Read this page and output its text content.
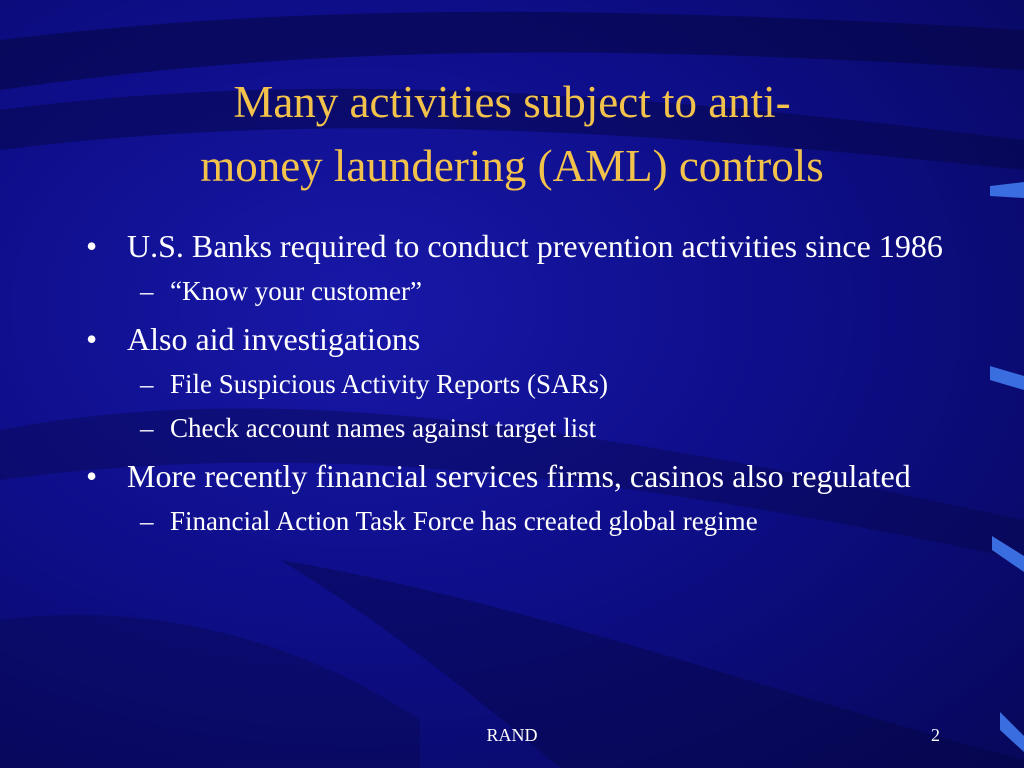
Many activities subject to anti-
money laundering (AML) controls
• U.S. Banks required to conduct prevention activities since 1986
– “Know your customer”
• Also aid investigations
– File Suspicious Activity Reports (SARs)
– Check account names against target list
• More recently financial services firms, casinos also regulated
– Financial Action Task Force has created global regime
RAND	2
